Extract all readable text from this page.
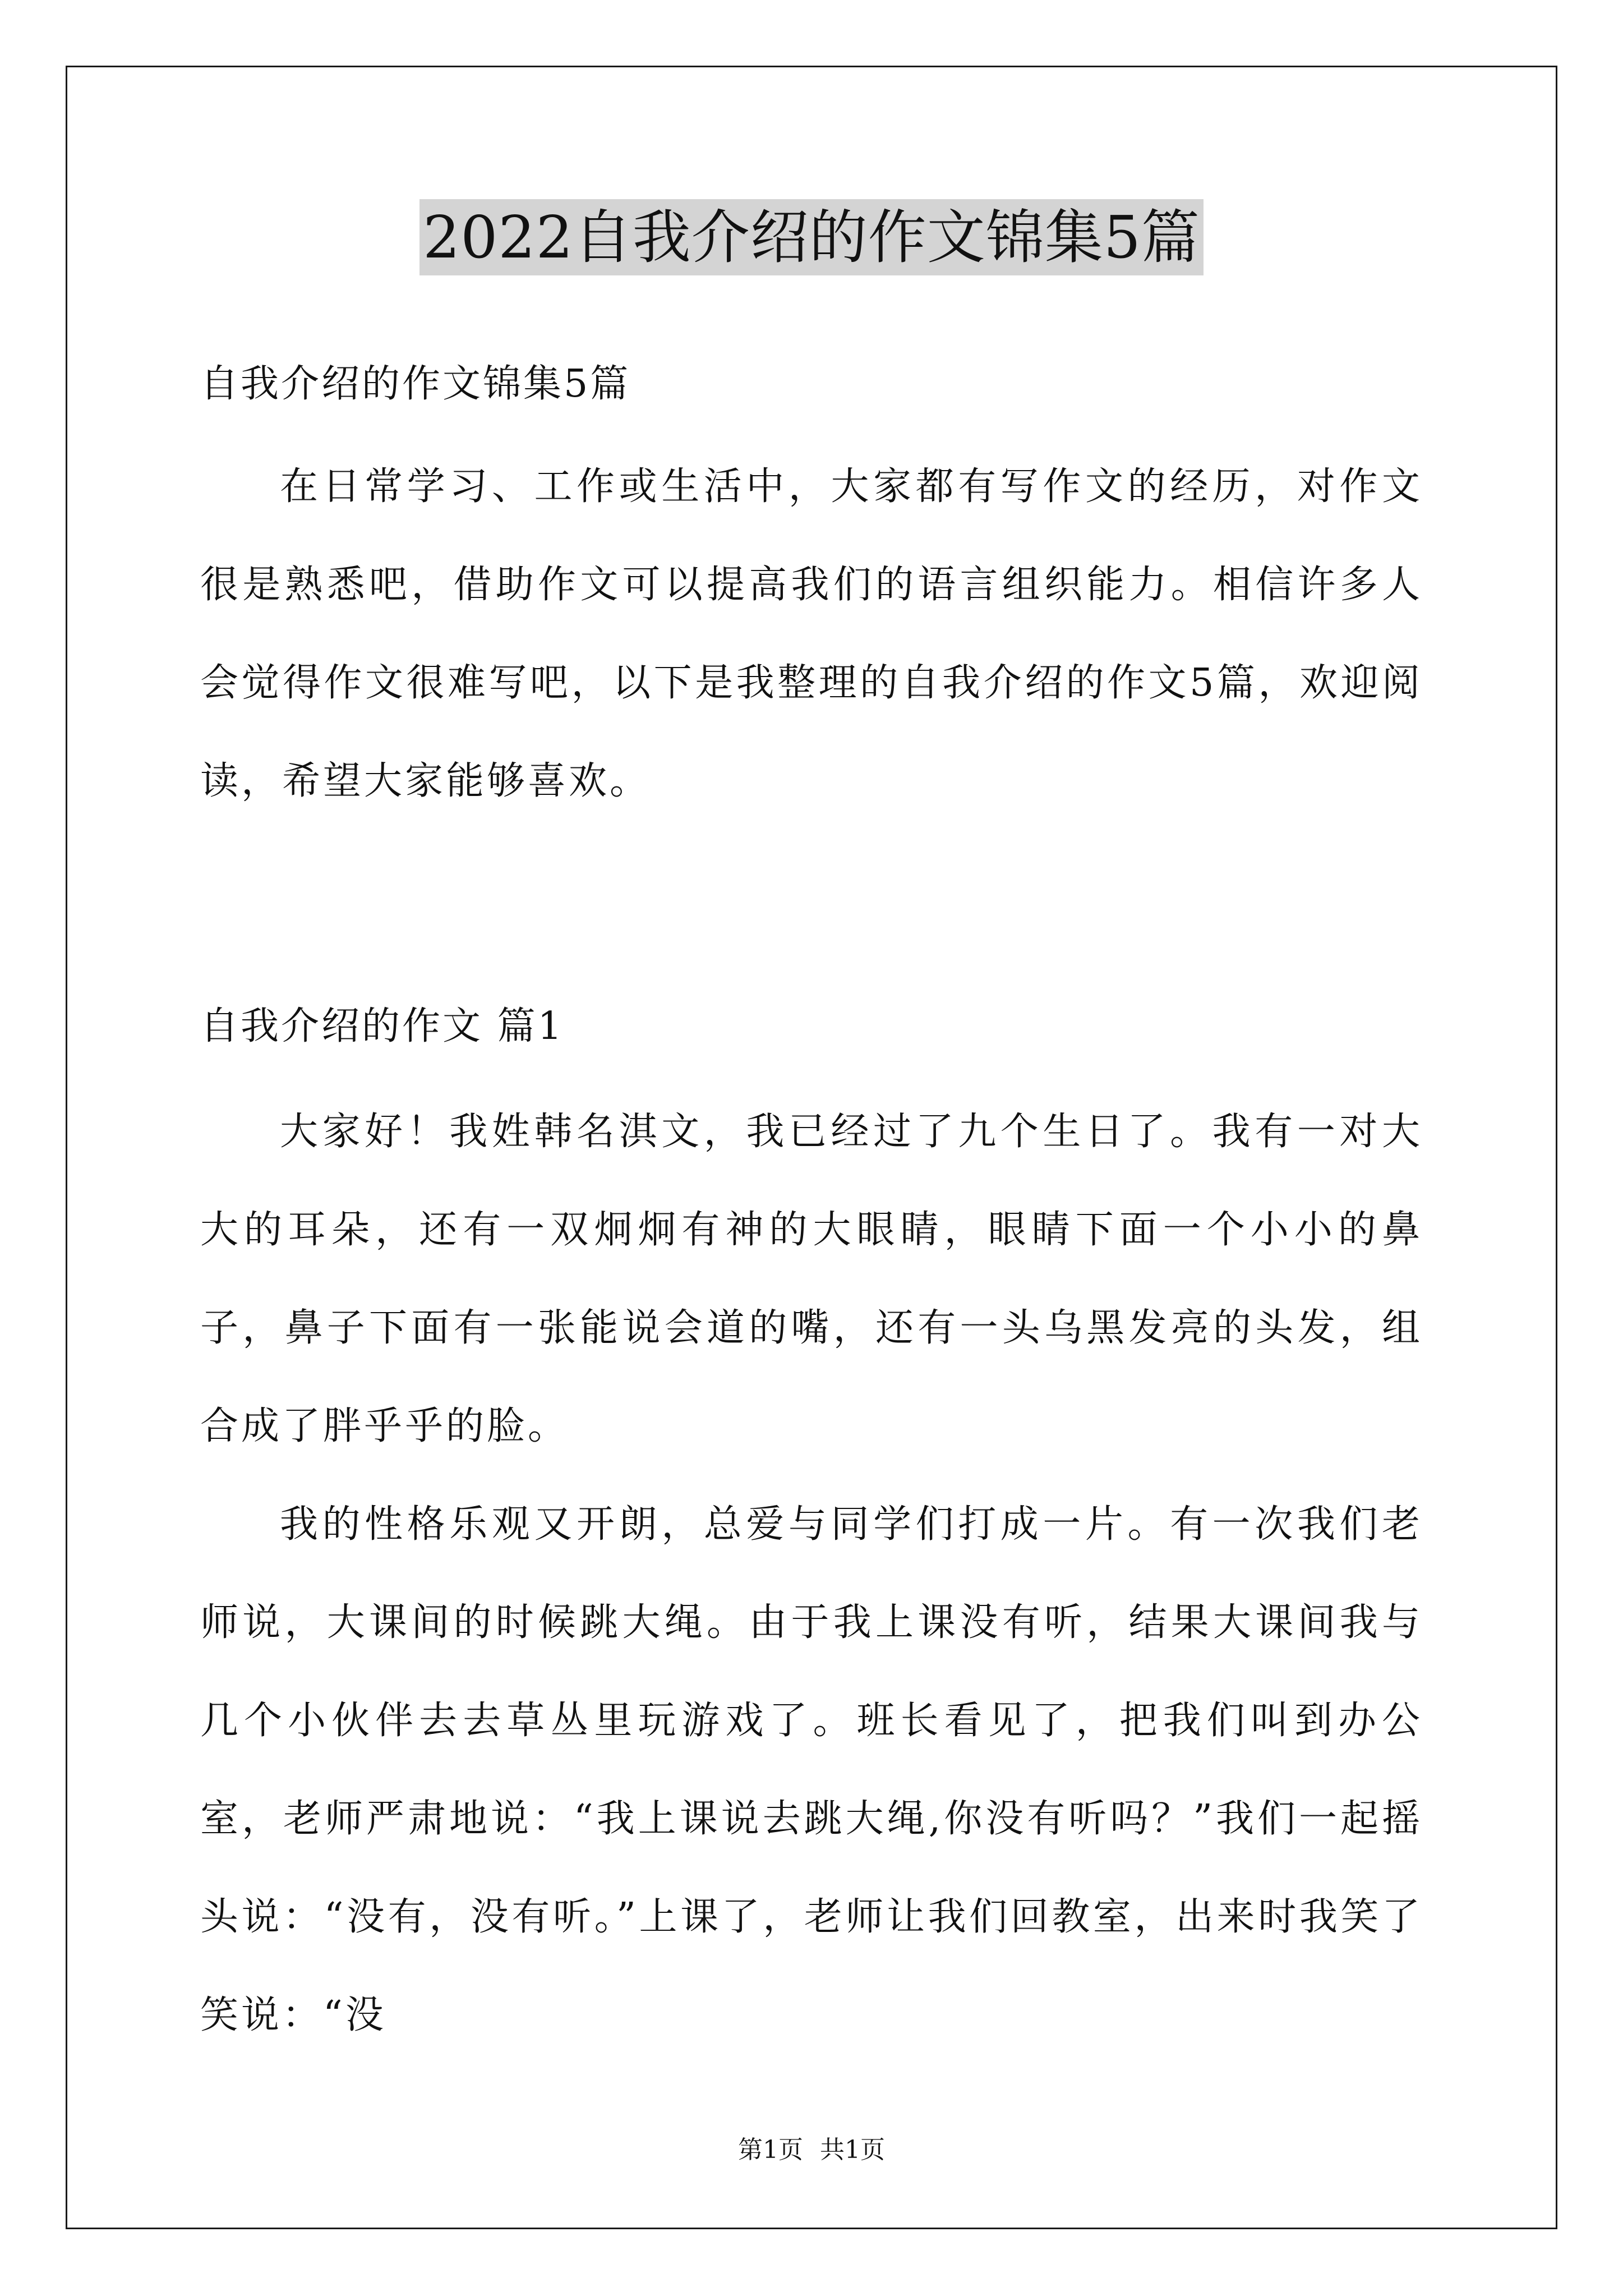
2022自我介绍的作文锦集5篇
自我介绍的作文锦集5篇
在日常学习、工作或生活中，大家都有写作文的经历，对作文很是熟悉吧，借助作文可以提高我们的语言组织能力。相信许多人会觉得作文很难写吧，以下是我整理的自我介绍的作文5篇，欢迎阅读，希望大家能够喜欢。
自我介绍的作文 篇1
大家好！我姓韩名淇文，我已经过了九个生日了。我有一对大大的耳朵，还有一双炯炯有神的大眼睛，眼睛下面一个小小的鼻子，鼻子下面有一张能说会道的嘴，还有一头乌黑发亮的头发，组合成了胖乎乎的脸。
我的性格乐观又开朗，总爱与同学们打成一片。有一次我们老师说，大课间的时候跳大绳。由于我上课没有听，结果大课间我与几个小伙伴去去草丛里玩游戏了。班长看见了，把我们叫到办公室，老师严肃地说：“我上课说去跳大绳,你没有听吗？”我们一起摇头说：“没有，没有听。”上课了，老师让我们回教室，出来时我笑了笑说：“没
第1页 共1页
